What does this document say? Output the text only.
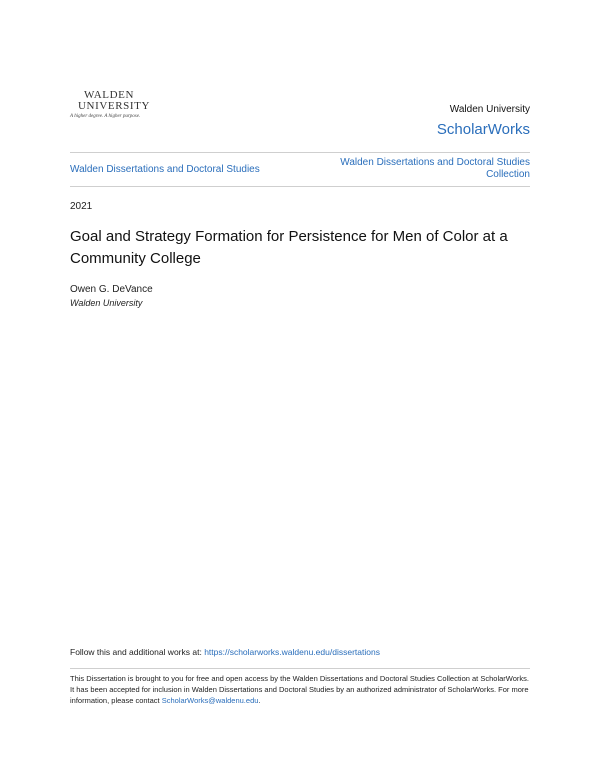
WALDEN
UNIVERSITY
A higher degree. A higher purpose.
Walden University
ScholarWorks
Walden Dissertations and Doctoral Studies
Walden Dissertations and Doctoral Studies Collection
2021
Goal and Strategy Formation for Persistence for Men of Color at a Community College
Owen G. DeVance
Walden University
Follow this and additional works at: https://scholarworks.waldenu.edu/dissertations
This Dissertation is brought to you for free and open access by the Walden Dissertations and Doctoral Studies Collection at ScholarWorks. It has been accepted for inclusion in Walden Dissertations and Doctoral Studies by an authorized administrator of ScholarWorks. For more information, please contact ScholarWorks@waldenu.edu.
